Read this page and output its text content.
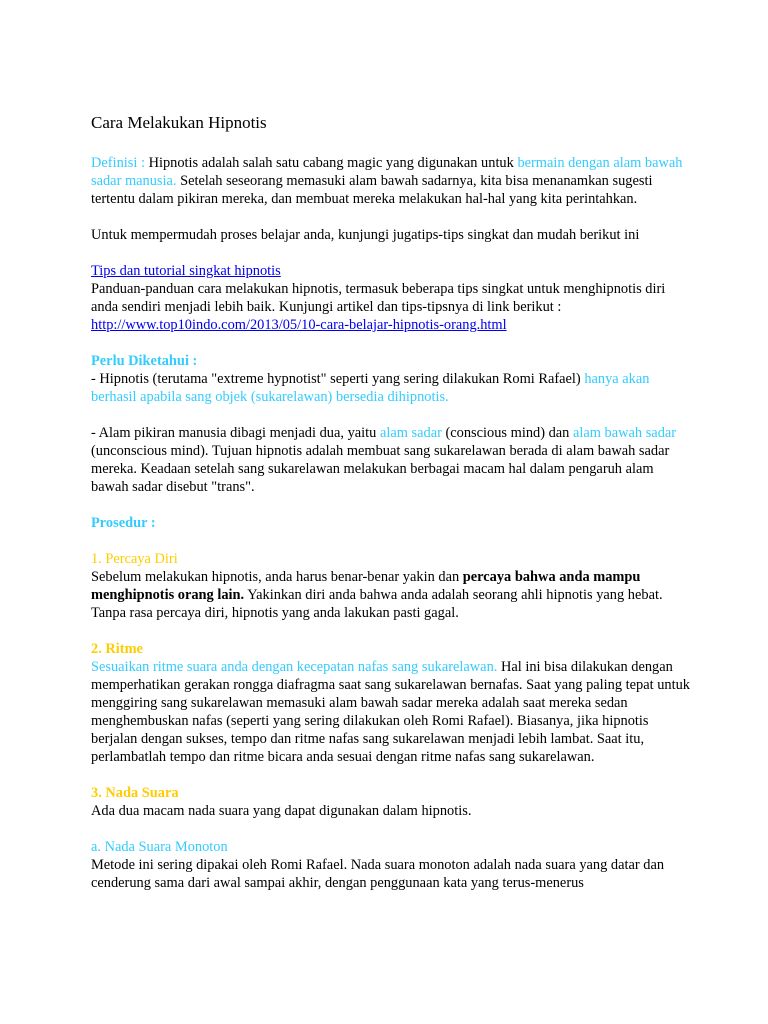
Cara Melakukan Hipnotis

Definisi : Hipnotis adalah salah satu cabang magic yang digunakan untuk bermain dengan alam bawah sadar manusia. Setelah seseorang memasuki alam bawah sadarnya, kita bisa menanamkan sugesti tertentu dalam pikiran mereka, dan membuat mereka melakukan hal-hal yang kita perintahkan.

Untuk mempermudah proses belajar anda, kunjungi jugatips-tips singkat dan mudah berikut ini

Tips dan tutorial singkat hipnotis
Panduan-panduan cara melakukan hipnotis, termasuk beberapa tips singkat untuk menghipnotis diri anda sendiri menjadi lebih baik. Kunjungi artikel dan tips-tipsnya di link berikut :
http://www.top10indo.com/2013/05/10-cara-belajar-hipnotis-orang.html

Perlu Diketahui :

- Hipnotis (terutama "extreme hypnotist" seperti yang sering dilakukan Romi Rafael) hanya akan berhasil apabila sang objek (sukarelawan) bersedia dihipnotis.

- Alam pikiran manusia dibagi menjadi dua, yaitu alam sadar (conscious mind) dan alam bawah sadar (unconscious mind). Tujuan hipnotis adalah membuat sang sukarelawan berada di alam bawah sadar mereka. Keadaan setelah sang sukarelawan melakukan berbagai macam hal dalam pengaruh alam bawah sadar disebut "trans".

Prosedur :

1. Percaya Diri

Sebelum melakukan hipnotis, anda harus benar-benar yakin dan percaya bahwa anda mampu menghipnotis orang lain. Yakinkan diri anda bahwa anda adalah seorang ahli hipnotis yang hebat. Tanpa rasa percaya diri, hipnotis yang anda lakukan pasti gagal.

2. Ritme

Sesuaikan ritme suara anda dengan kecepatan nafas sang sukarelawan. Hal ini bisa dilakukan dengan memperhatikan gerakan rongga diafragma saat sang sukarelawan bernafas. Saat yang paling tepat untuk menggiring sang sukarelawan memasuki alam bawah sadar mereka adalah saat mereka sedan menghembuskan nafas (seperti yang sering dilakukan oleh Romi Rafael). Biasanya, jika hipnotis berjalan dengan sukses, tempo dan ritme nafas sang sukarelawan menjadi lebih lambat. Saat itu, perlambatlah tempo dan ritme bicara anda sesuai dengan ritme nafas sang sukarelawan.

3. Nada Suara

Ada dua macam nada suara yang dapat digunakan dalam hipnotis.

a. Nada Suara Monoton

Metode ini sering dipakai oleh Romi Rafael. Nada suara monoton adalah nada suara yang datar dan cenderung sama dari awal sampai akhir, dengan penggunaan kata yang terus-menerus
